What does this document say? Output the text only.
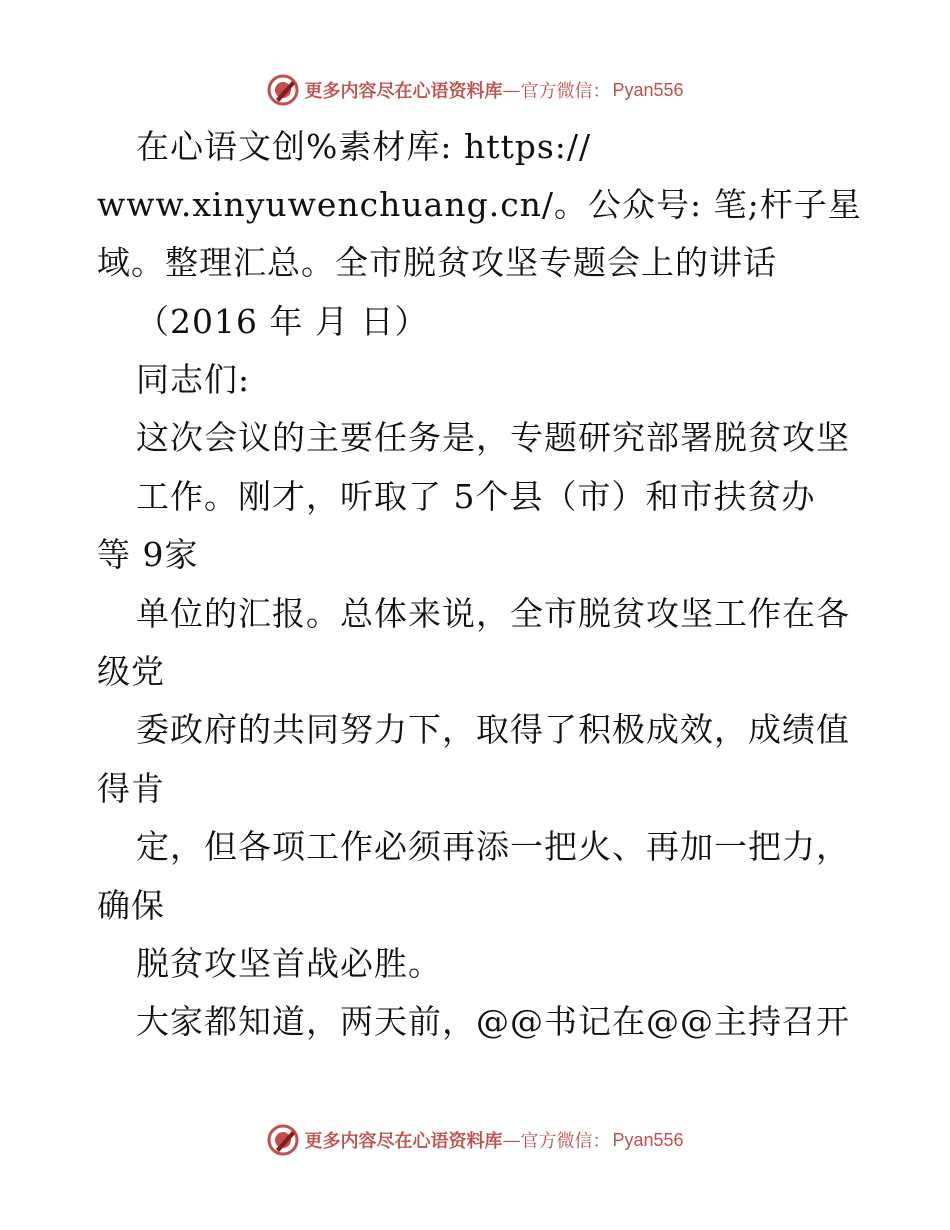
更多内容尽在心语资料库 — 官方微信： Pyan556
在心语文创%素材库: https://
www.xinyuwenchuang.cn/。公众号: 笔;杆子星
域。整理汇总。全市脱贫攻坚专题会上的讲话
（2016 年 月 日）
同志们:
这次会议的主要任务是，专题研究部署脱贫攻坚
工作。刚才，听取了 5个县（市）和市扶贫办
等 9家
单位的汇报。总体来说，全市脱贫攻坚工作在各
级党
委政府的共同努力下，取得了积极成效，成绩值
得肯
定，但各项工作必须再添一把火、再加一把力，
确保
脱贫攻坚首战必胜。
大家都知道，两天前，@@书记在@@主持召开
更多内容尽在心语资料库 — 官方微信： Pyan556
